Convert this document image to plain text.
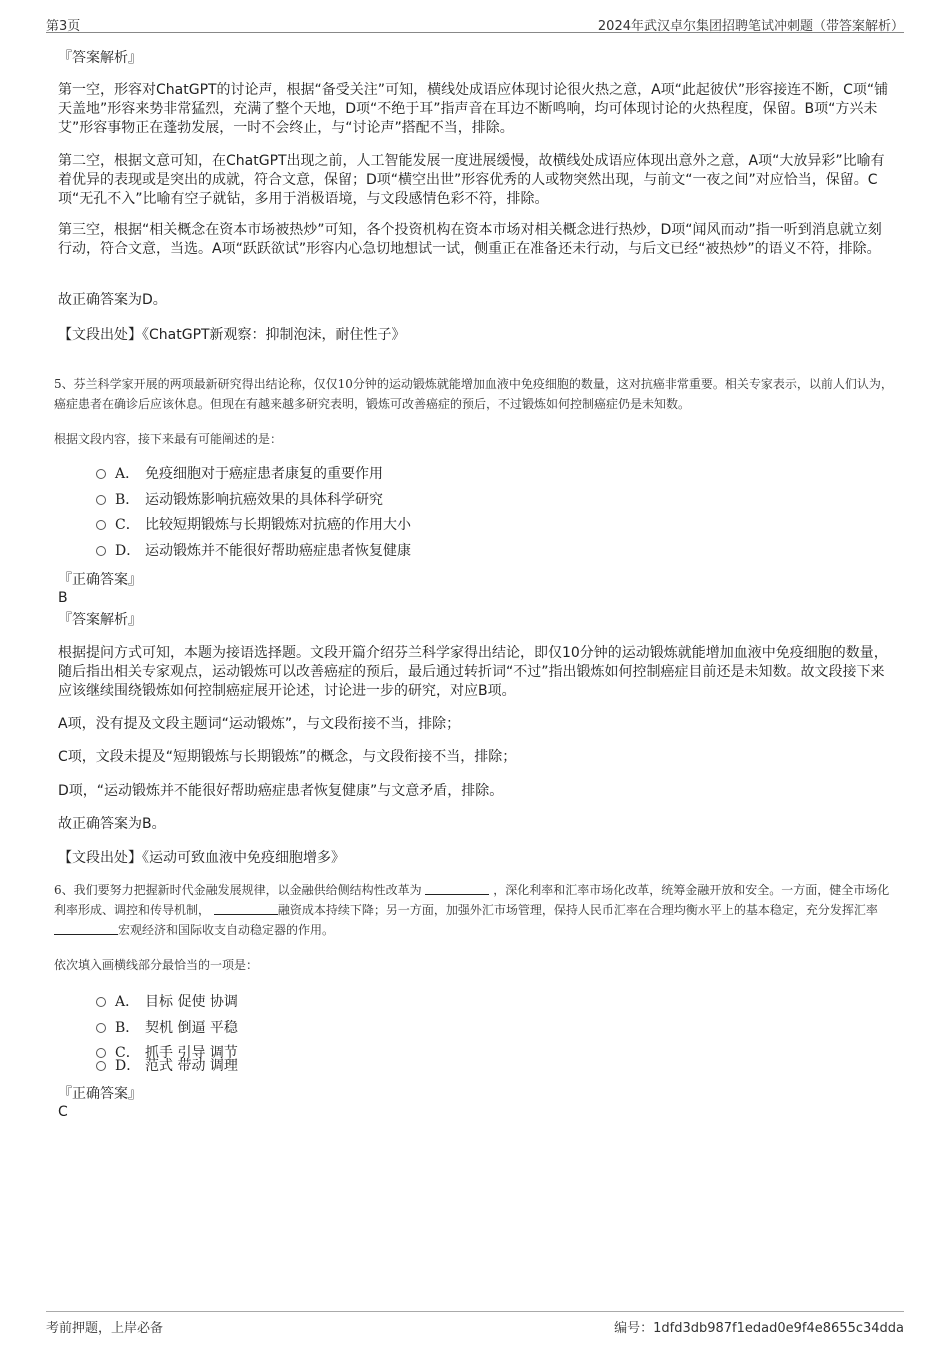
第3页	2024年武汉卓尔集团招聘笔试冲刺题（带答案解析）
『答案解析』

第一空，形容对ChatGPT的讨论声，根据“备受关注”可知，横线处成语应体现讨论很火热之意，A项“此起彼伏”形容接连不断，C项“铺天盖地”形容来势非常猛烈，充满了整个天地，D项“不绝于耳”指声音在耳边不断鸣响，均可体现讨论的火热程度，保留。B项“方兴未艾”形容事物正在蓬勃发展，一时不会终止，与“讨论声”搭配不当，排除。

第二空，根据文意可知，在ChatGPT出现之前，人工智能发展一度进展缓慢，故横线处成语应体现出意外之意，A项“大放异彩”比喻有着优异的表现或是突出的成就，符合文意，保留；D项“横空出世”形容优秀的人或物突然出现，与前文“一夜之间”对应恰当，保留。C项“无孔不入”比喻有空子就钻，多用于消极语境，与文段感情色彩不符，排除。

第三空，根据“相关概念在资本市场被热炒”可知，各个投资机构在资本市场对相关概念进行热炒，D项“闻风而动”指一听到消息就立刻行动，符合文意，当选。A项“跃跃欲试”形容内心急切地想试一试，侧重正在准备还未行动，与后文已经“被热炒”的语义不符，排除。

故正确答案为D。

【文段出处】《ChatGPT新观察：抑制泡沫，耐住性子》

5、芬兰科学家开展的两项最新研究得出结论称，仅仅10分钟的运动锻炼就能增加血液中免疫细胞的数量，这对抗癌非常重要。相关专家表示，以前人们认为，癌症患者在确诊后应该休息。但现在有越来越多研究表明，锻炼可改善癌症的预后，不过锻炼如何控制癌症仍是未知数。

根据文段内容，接下来最有可能阐述的是：

A． 免疫细胞对于癌症患者康复的重要作用
B． 运动锻炼影响抗癌效果的具体科学研究
C． 比较短期锻炼与长期锻炼对抗癌的作用大小
D． 运动锻炼并不能很好帮助癌症患者恢复健康
『正确答案』
B
『答案解析』

根据提问方式可知，本题为接语选择题。文段开篇介绍芬兰科学家得出结论，即仅10分钟的运动锻炼就能增加血液中免疫细胞的数量，随后指出相关专家观点，运动锻炼可以改善癌症的预后，最后通过转折词“不过”指出锻炼如何控制癌症目前还是未知数。故文段接下来应该继续围绕锻炼如何控制癌症展开论述，讨论进一步的研究，对应B项。

A项，没有提及文段主题词“运动锻炼”，与文段衔接不当，排除；

C项，文段未提及“短期锻炼与长期锻炼”的概念，与文段衔接不当，排除；

D项，“运动锻炼并不能很好帮助癌症患者恢复健康”与文意矛盾，排除。

故正确答案为B。

【文段出处】《运动可致血液中免疫细胞增多》

6、我们要努力把握新时代金融发展规律，以金融供给侧结构性改革为	，深化利率和汇率市场化改革，统筹金融开放和安全。一方面，健全市场化利率形成、调控和传导机制，	融资成本持续下降；另一方面，加强外汇市场管理，保持人民币汇率在合理均衡水平上的基本稳定，充分发挥汇率 宏观经济和国际收支自动稳定器的作用。

依次填入画横线部分最恰当的一项是：

A． 目标 促使 协调
B． 契机 倒逼 平稳
C． 抓手 引导 调节
D． 范式 带动 调理
『正确答案』
C
考前押题，上岸必备	编号：1dfd3db987f1edad0e9f4e8655c34dda
